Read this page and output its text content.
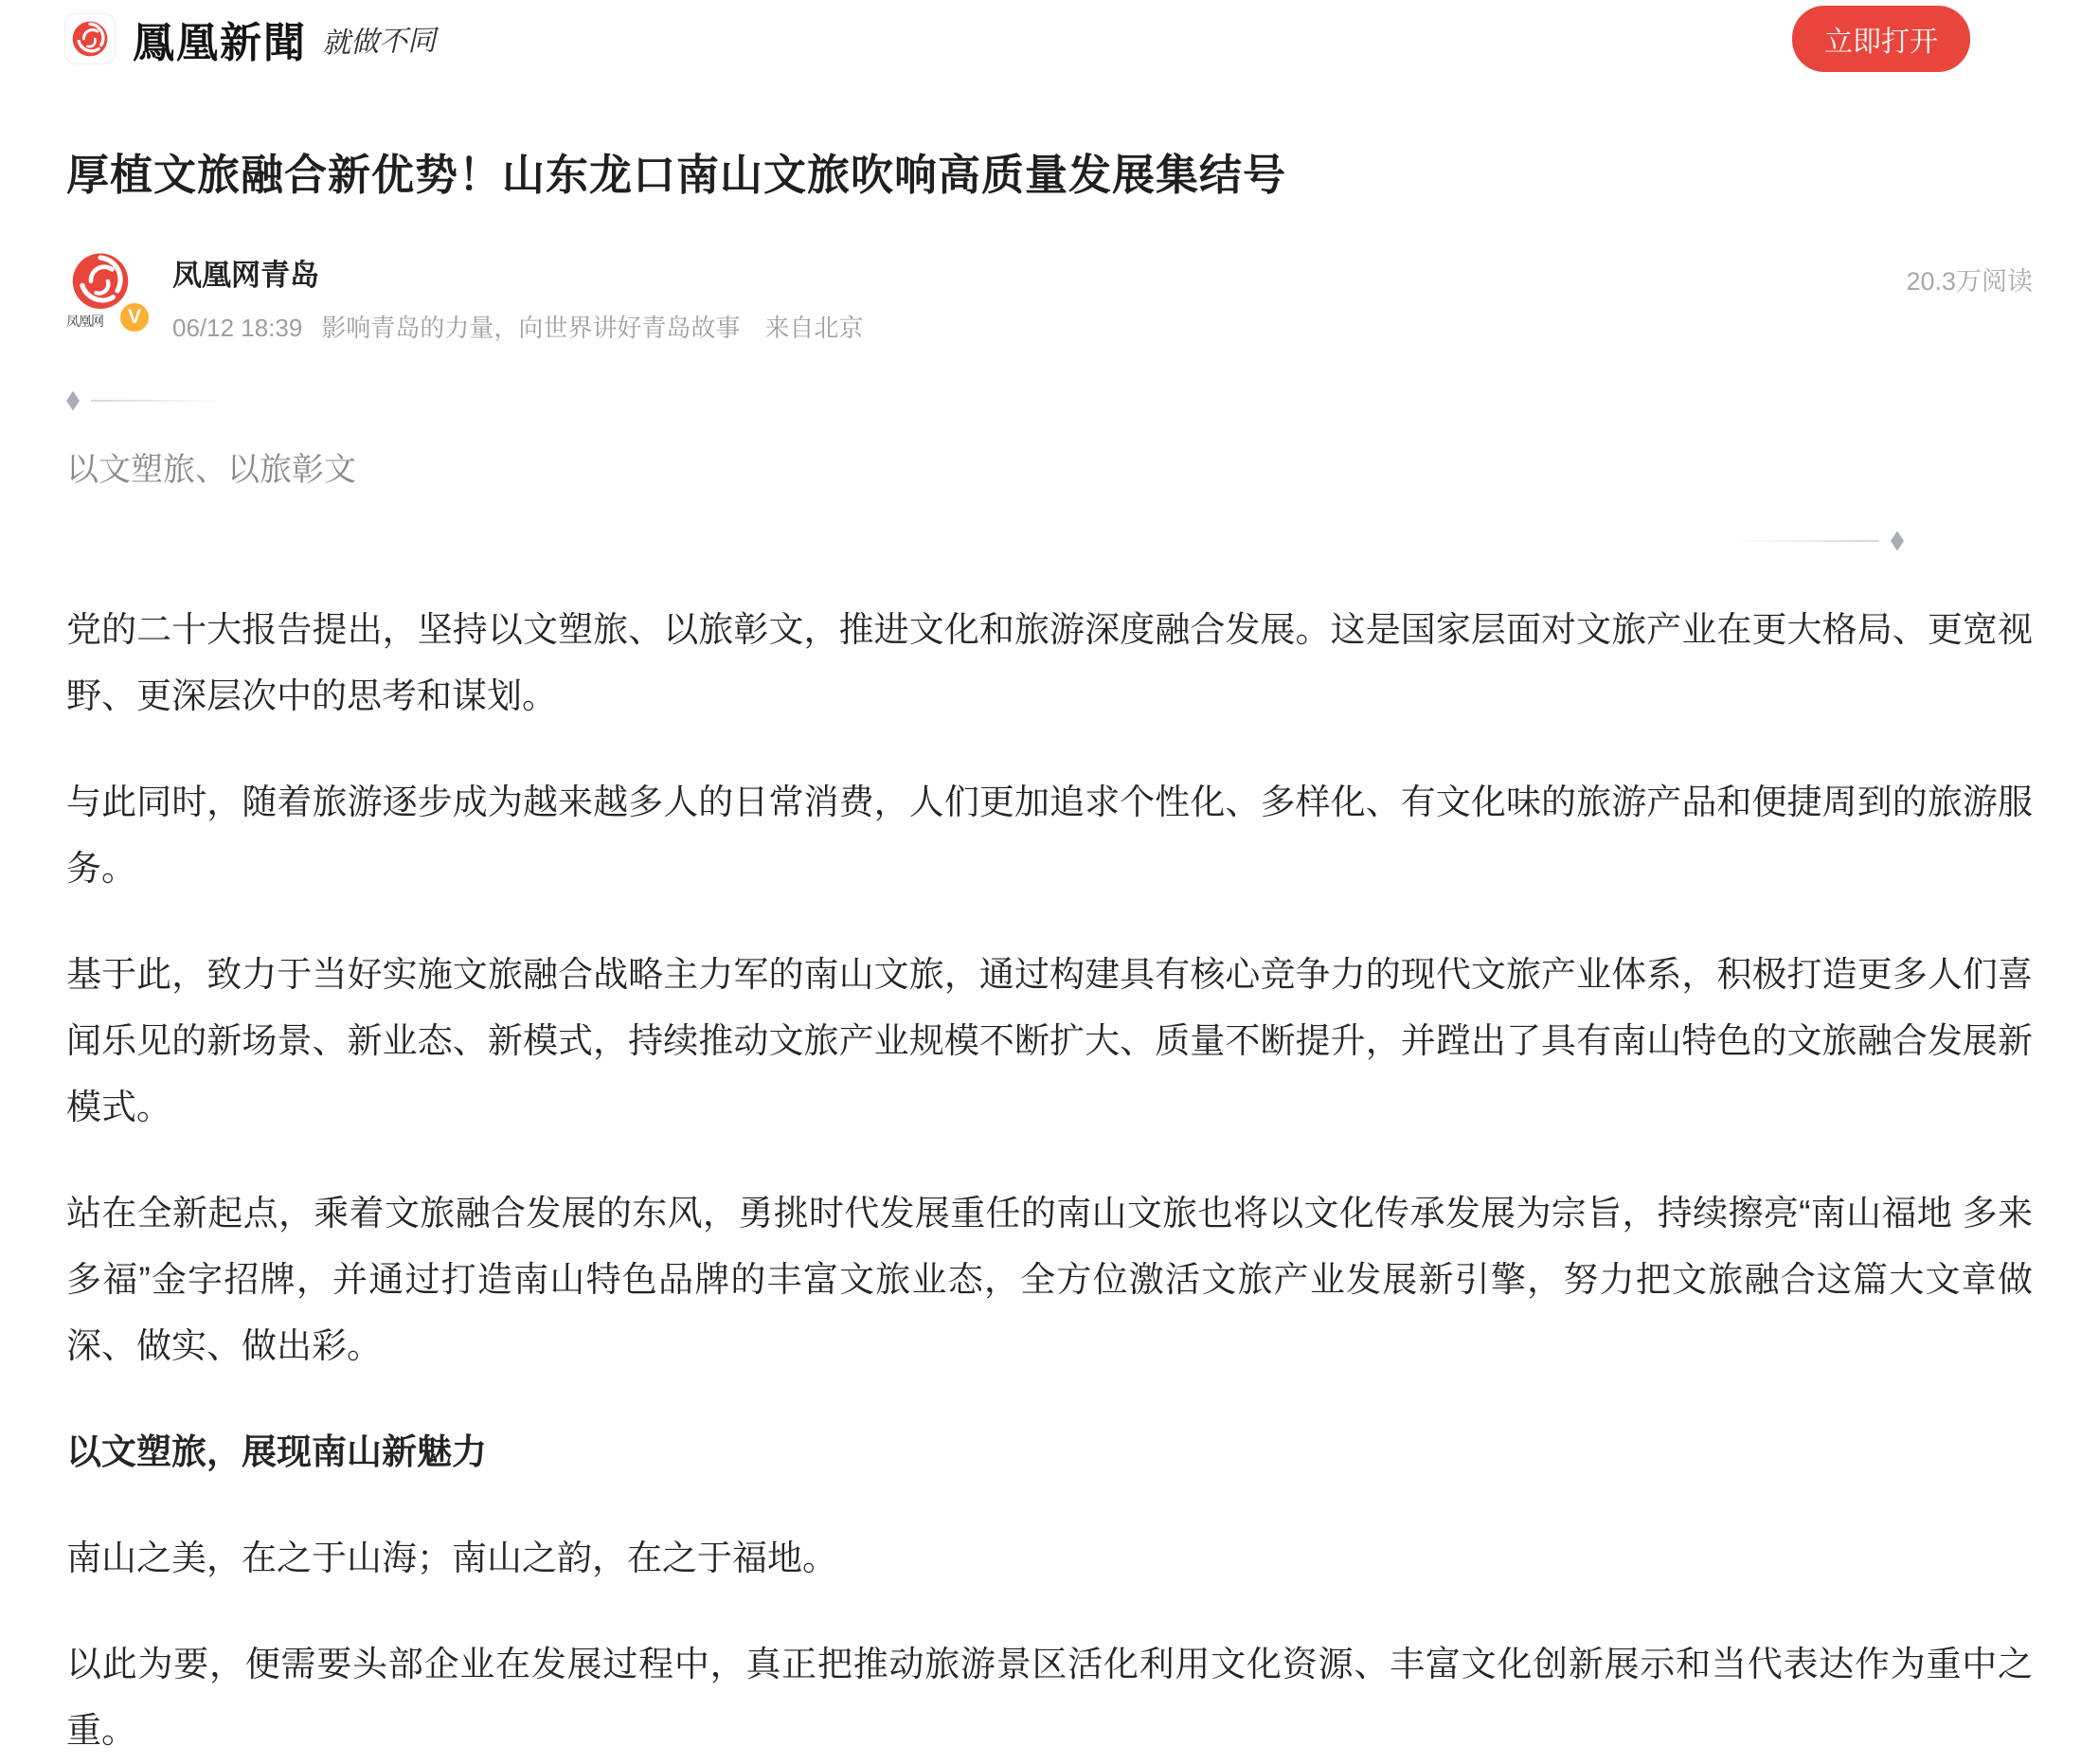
鳳凰新聞 就做不同	立即打开
厚植文旅融合新优势！山东龙口南山文旅吹响高质量发展集结号
凤凰网	V
凤凰网青岛
06/12 18:39 影响青岛的力量，向世界讲好青岛故事 来自北京
20.3万阅读

以文塑旅、以旅彰文

党的二十大报告提出，坚持以文塑旅、以旅彰文，推进文化和旅游深度融合发展。这是国家层面对文旅产业在更大格局、更宽视野、更深层次中的思考和谋划。

与此同时，随着旅游逐步成为越来越多人的日常消费，人们更加追求个性化、多样化、有文化味的旅游产品和便捷周到的旅游服务。

基于此，致力于当好实施文旅融合战略主力军的南山文旅，通过构建具有核心竞争力的现代文旅产业体系，积极打造更多人们喜闻乐见的新场景、新业态、新模式，持续推动文旅产业规模不断扩大、质量不断提升，并蹚出了具有南山特色的文旅融合发展新模式。

站在全新起点，乘着文旅融合发展的东风，勇挑时代发展重任的南山文旅也将以文化传承发展为宗旨，持续擦亮“南山福地 多来多福”金字招牌，并通过打造南山特色品牌的丰富文旅业态，全方位激活文旅产业发展新引擎，努力把文旅融合这篇大文章做深、做实、做出彩。

以文塑旅，展现南山新魅力

南山之美，在之于山海；南山之韵，在之于福地。

以此为要，便需要头部企业在发展过程中，真正把推动旅游景区活化利用文化资源、丰富文化创新展示和当代表达作为重中之重。
